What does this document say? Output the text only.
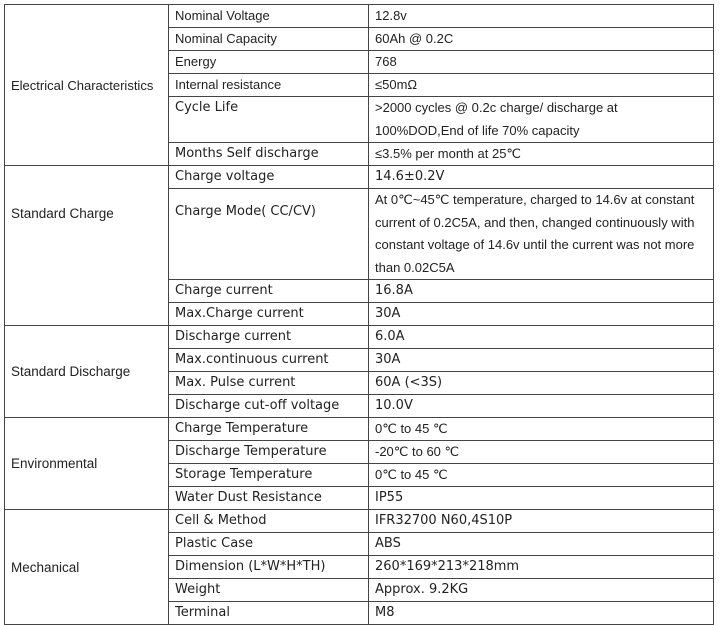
Electrical Characteristics	Nominal Voltage	12.8v
	Nominal Capacity	60Ah @ 0.2C
	Energy	768
	Internal resistance	≤50mΩ
	Cycle Life	>2000 cycles @ 0.2c charge/ discharge at 100%DOD,End of life 70% capacity
	Months Self discharge	≤3.5% per month at 25℃
Standard Charge	Charge voltage	14.6±0.2V
	Charge Mode( CC/CV)	At 0℃~45℃ temperature, charged to 14.6v at constant current of 0.2C5A, and then, changed continuously with constant voltage of 14.6v until the current was not more than 0.02C5A
	Charge current	16.8A
	Max.Charge current	30A
Standard Discharge	Discharge current	6.0A
	Max.continuous current	30A
	Max. Pulse current	60A (<3S)
	Discharge cut-off voltage	10.0V
Environmental	Charge Temperature	0℃ to 45 ℃
	Discharge Temperature	-20℃ to 60 ℃
	Storage Temperature	0℃ to 45 ℃
	Water Dust Resistance	IP55
Mechanical	Cell & Method	IFR32700 N60,4S10P
	Plastic Case	ABS
	Dimension (L*W*H*TH)	260*169*213*218mm
	Weight	Approx. 9.2KG
	Terminal	M8
